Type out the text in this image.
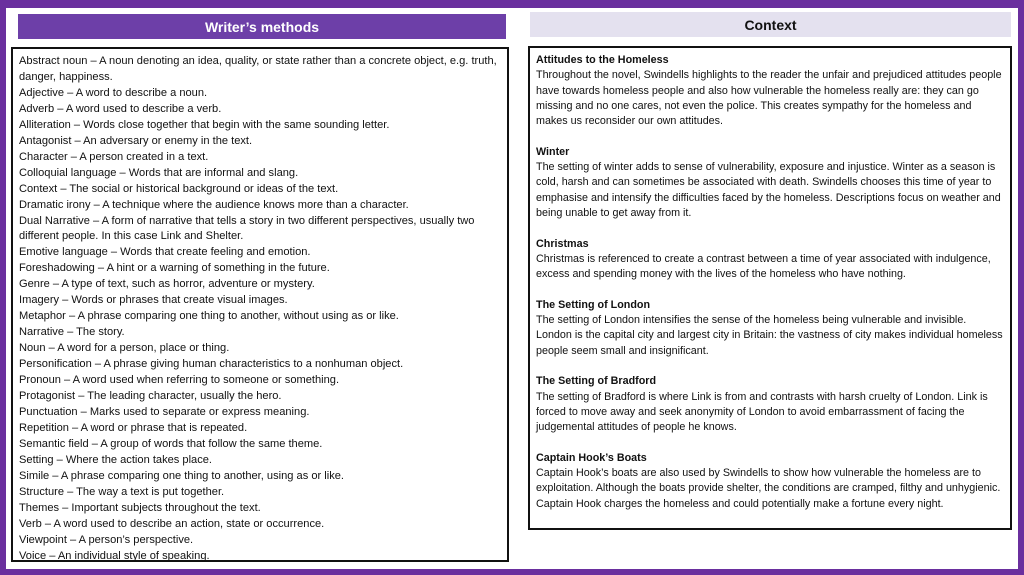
Writer’s methods	Context
Abstract noun – A noun denoting an idea, quality, or state rather than a concrete object, e.g. truth, danger, happiness.
Adjective – A word to describe a noun.
Adverb – A word used to describe a verb.
Alliteration – Words close together that begin with the same sounding letter.
Antagonist – An adversary or enemy in the text.
Character – A person created in a text.
Colloquial language – Words that are informal and slang.
Context – The social or historical background or ideas of the text.
Dramatic irony – A technique where the audience knows more than a character.
Dual Narrative – A form of narrative that tells a story in two different perspectives, usually two different people. In this case Link and Shelter.
Emotive language – Words that create feeling and emotion.
Foreshadowing – A hint or a warning of something in the future.
Genre – A type of text, such as horror, adventure or mystery.
Imagery – Words or phrases that create visual images.
Metaphor – A phrase comparing one thing to another, without using as or like.
Narrative – The story.
Noun – A word for a person, place or thing.
Personification – A phrase giving human characteristics to a nonhuman object.
Pronoun – A word used when referring to someone or something.
Protagonist – The leading character, usually the hero.
Punctuation – Marks used to separate or express meaning.
Repetition – A word or phrase that is repeated.
Semantic field – A group of words that follow the same theme.
Setting – Where the action takes place.
Simile – A phrase comparing one thing to another, using as or like.
Structure – The way a text is put together.
Themes – Important subjects throughout the text.
Verb – A word used to describe an action, state or occurrence.
Viewpoint – A person’s perspective.
Voice – An individual style of speaking.
Attitudes to the Homeless
Throughout the novel, Swindells highlights to the reader the unfair and prejudiced attitudes people have towards homeless people and also how vulnerable the homeless really are: they can go missing and no one cares, not even the police. This creates sympathy for the homeless and makes us reconsider our own attitudes.
Winter
The setting of winter adds to sense of vulnerability, exposure and injustice. Winter as a season is cold, harsh and can sometimes be associated with death. Swindells chooses this time of year to emphasise and intensify the difficulties faced by the homeless. Descriptions focus on weather and being unable to get away from it.
Christmas
Christmas is referenced to create a contrast between a time of year associated with indulgence, excess and spending money with the lives of the homeless who have nothing.
The Setting of London
The setting of London intensifies the sense of the homeless being vulnerable and invisible. London is the capital city and largest city in Britain: the vastness of city makes individual homeless people seem small and insignificant.
The Setting of Bradford
The setting of Bradford is where Link is from and contrasts with harsh cruelty of London. Link is forced to move away and seek anonymity of London to avoid embarrassment of facing the judgemental attitudes of people he knows.
Captain Hook’s Boats
Captain Hook’s boats are also used by Swindells to show how vulnerable the homeless are to exploitation. Although the boats provide shelter, the conditions are cramped, filthy and unhygienic. Captain Hook charges the homeless and could potentially make a fortune every night.
